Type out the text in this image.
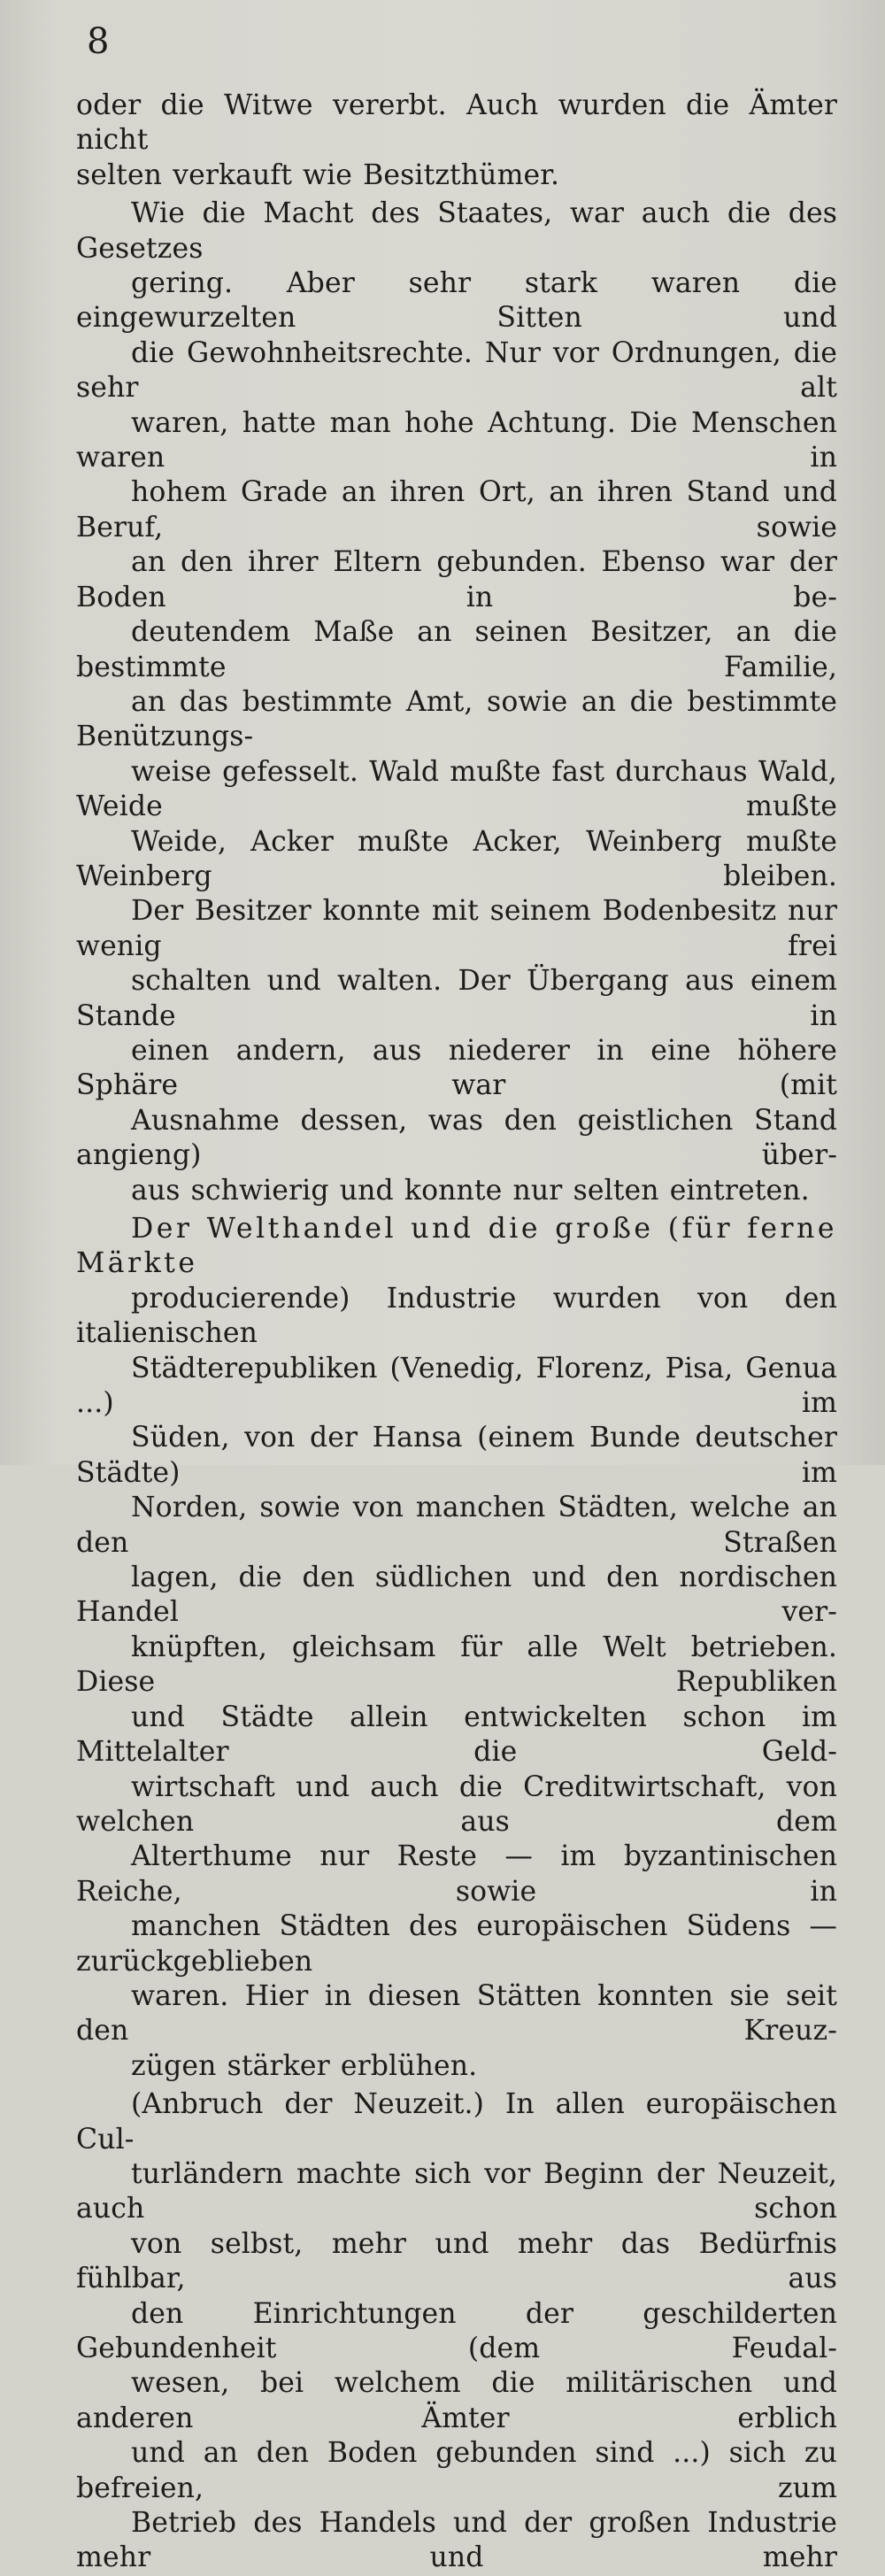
8

oder die Witwe vererbt. Auch wurden die Ämter nicht
selten verkauft wie Besitzthümer.

Wie die Macht des Staates, war auch die des Gesetzes
gering. Aber sehr stark waren die eingewurzelten Sitten und
die Gewohnheitsrechte. Nur vor Ordnungen, die sehr alt
waren, hatte man hohe Achtung. Die Menschen waren in
hohem Grade an ihren Ort, an ihren Stand und Beruf, sowie
an den ihrer Eltern gebunden. Ebenso war der Boden in be-
deutendem Maße an seinen Besitzer, an die bestimmte Familie,
an das bestimmte Amt, sowie an die bestimmte Benützungs-
weise gefesselt. Wald mußte fast durchaus Wald, Weide mußte
Weide, Acker mußte Acker, Weinberg mußte Weinberg bleiben.
Der Besitzer konnte mit seinem Bodenbesitz nur wenig frei
schalten und walten. Der Übergang aus einem Stande in
einen andern, aus niederer in eine höhere Sphäre war (mit
Ausnahme dessen, was den geistlichen Stand angieng) über-
aus schwierig und konnte nur selten eintreten.

Der Welthandel und die große (für ferne Märkte
producierende) Industrie wurden von den italienischen
Städterepubliken (Venedig, Florenz, Pisa, Genua ...) im
Süden, von der Hansa (einem Bunde deutscher Städte) im
Norden, sowie von manchen Städten, welche an den Straßen
lagen, die den südlichen und den nordischen Handel ver-
knüpften, gleichsam für alle Welt betrieben. Diese Republiken
und Städte allein entwickelten schon im Mittelalter die Geld-
wirtschaft und auch die Creditwirtschaft, von welchen aus dem
Alterthume nur Reste — im byzantinischen Reiche, sowie in
manchen Städten des europäischen Südens — zurückgeblieben
waren. Hier in diesen Stätten konnten sie seit den Kreuz-
zügen stärker erblühen.

(Anbruch der Neuzeit.) In allen europäischen Cul-
turländern machte sich vor Beginn der Neuzeit, auch schon
von selbst, mehr und mehr das Bedürfnis fühlbar, aus
den Einrichtungen der geschilderten Gebundenheit (dem Feudal-
wesen, bei welchem die militärischen und anderen Ämter erblich
und an den Boden gebunden sind ...) sich zu befreien, zum
Betrieb des Handels und der großen Industrie mehr und mehr
